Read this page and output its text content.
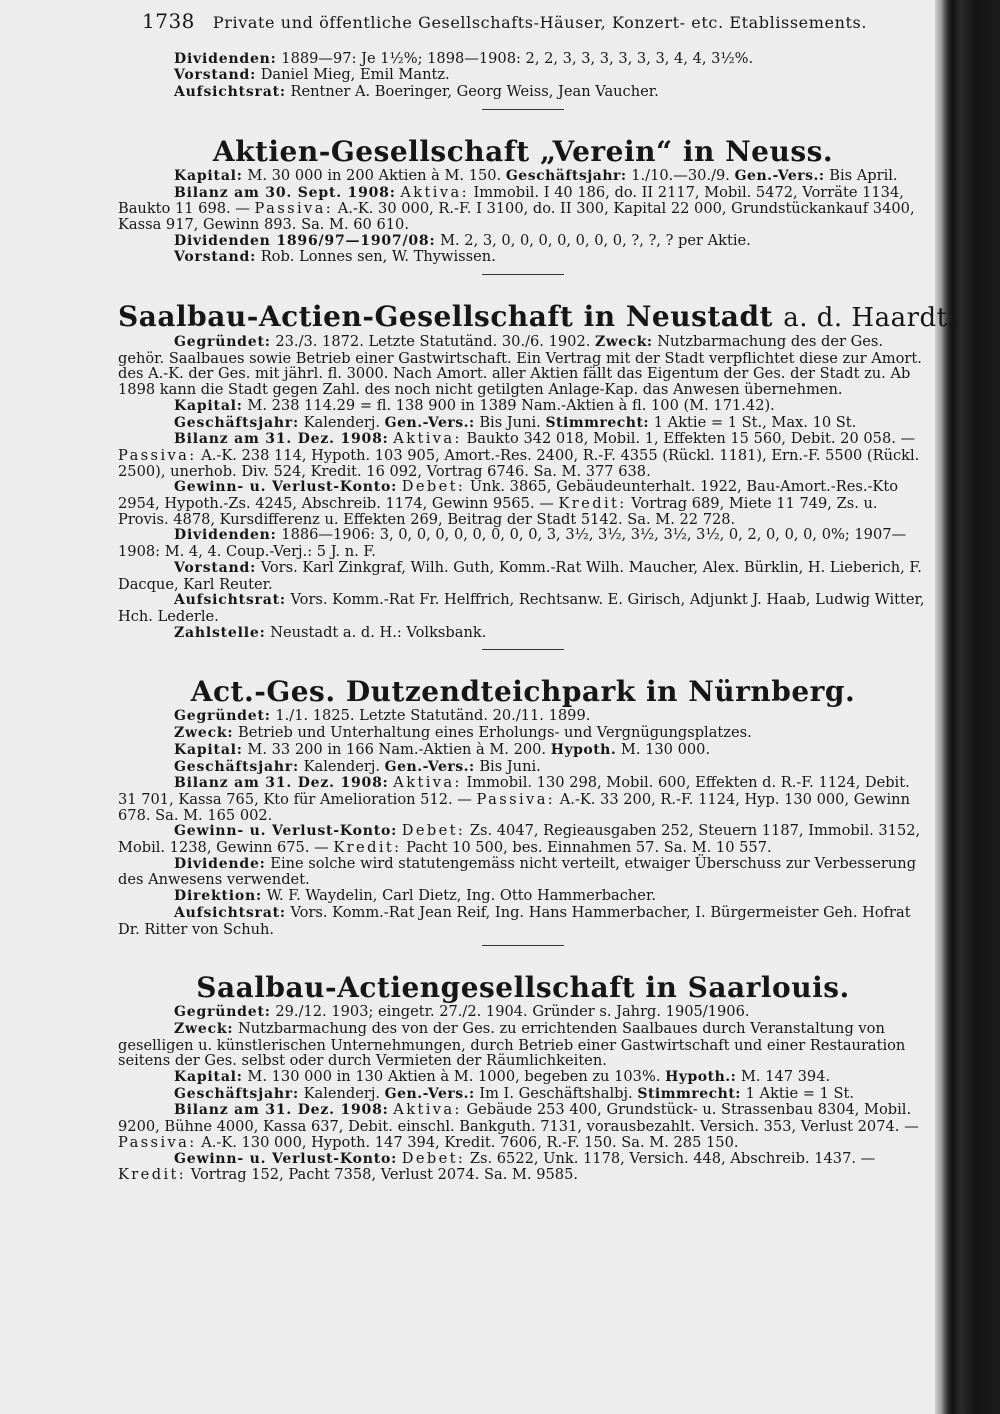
1738 Private und öffentliche Gesellschafts-Häuser, Konzert- etc. Etablissements.

Dividenden: 1889—97: Je 1½%; 1898—1908: 2, 2, 3, 3, 3, 3, 3, 3, 4, 4, 3½%.

Vorstand: Daniel Mieg, Emil Mantz.

Aufsichtsrat: Rentner A. Boeringer, Georg Weiss, Jean Vaucher.

Aktien-Gesellschaft „Verein“ in Neuss.

Kapital: M. 30 000 in 200 Aktien à M. 150. Geschäftsjahr: 1./10.—30./9. Gen.-Vers.: Bis April.

Bilanz am 30. Sept. 1908: Aktiva: Immobil. I 40 186, do. II 2117, Mobil. 5472, Vorräte 1134, Baukto 11 698. — Passiva: A.-K. 30 000, R.-F. I 3100, do. II 300, Kapital 22 000, Grundstückankauf 3400, Kassa 917, Gewinn 893. Sa. M. 60 610.

Dividenden 1896/97—1907/08: M. 2, 3, 0, 0, 0, 0, 0, 0, 0, ?, ?, ? per Aktie.

Vorstand: Rob. Lonnes sen, W. Thywissen.

Saalbau-Actien-Gesellschaft in Neustadt a. d. Haardt.

Gegründet: 23./3. 1872. Letzte Statutänd. 30./6. 1902. Zweck: Nutzbarmachung des der Ges. gehör. Saalbaues sowie Betrieb einer Gastwirtschaft. Ein Vertrag mit der Stadt verpflichtet diese zur Amort. des A.-K. der Ges. mit jährl. fl. 3000. Nach Amort. aller Aktien fällt das Eigentum der Ges. der Stadt zu. Ab 1898 kann die Stadt gegen Zahl. des noch nicht getilgten Anlage-Kap. das Anwesen übernehmen.

Kapital: M. 238 114.29 = fl. 138 900 in 1389 Nam.-Aktien à fl. 100 (M. 171.42).

Geschäftsjahr: Kalenderj. Gen.-Vers.: Bis Juni. Stimmrecht: 1 Aktie = 1 St., Max. 10 St.

Bilanz am 31. Dez. 1908: Aktiva: Baukto 342 018, Mobil. 1, Effekten 15 560, Debit. 20 058. — Passiva: A.-K. 238 114, Hypoth. 103 905, Amort.-Res. 2400, R.-F. 4355 (Rückl. 1181), Ern.-F. 5500 (Rückl. 2500), unerhob. Div. 524, Kredit. 16 092, Vortrag 6746. Sa. M. 377 638.

Gewinn- u. Verlust-Konto: Debet: Unk. 3865, Gebäudeunterhalt. 1922, Bau-Amort.-Res.-Kto 2954, Hypoth.-Zs. 4245, Abschreib. 1174, Gewinn 9565. — Kredit: Vortrag 689, Miete 11 749, Zs. u. Provis. 4878, Kursdifferenz u. Effekten 269, Beitrag der Stadt 5142. Sa. M. 22 728.

Dividenden: 1886—1906: 3, 0, 0, 0, 0, 0, 0, 0, 0, 3, 3½, 3½, 3½, 3½, 3½, 0, 2, 0, 0, 0, 0%; 1907—1908: M. 4, 4. Coup.-Verj.: 5 J. n. F.

Vorstand: Vors. Karl Zinkgraf, Wilh. Guth, Komm.-Rat Wilh. Maucher, Alex. Bürklin, H. Lieberich, F. Dacque, Karl Reuter.

Aufsichtsrat: Vors. Komm.-Rat Fr. Helffrich, Rechtsanw. E. Girisch, Adjunkt J. Haab, Ludwig Witter, Hch. Lederle.

Zahlstelle: Neustadt a. d. H.: Volksbank.

Act.-Ges. Dutzendteichpark in Nürnberg.

Gegründet: 1./1. 1825. Letzte Statutänd. 20./11. 1899.

Zweck: Betrieb und Unterhaltung eines Erholungs- und Vergnügungsplatzes.

Kapital: M. 33 200 in 166 Nam.-Aktien à M. 200. Hypoth. M. 130 000.

Geschäftsjahr: Kalenderj. Gen.-Vers.: Bis Juni.

Bilanz am 31. Dez. 1908: Aktiva: Immobil. 130 298, Mobil. 600, Effekten d. R.-F. 1124, Debit. 31 701, Kassa 765, Kto für Amelioration 512. — Passiva: A.-K. 33 200, R.-F. 1124, Hyp. 130 000, Gewinn 678. Sa. M. 165 002.

Gewinn- u. Verlust-Konto: Debet: Zs. 4047, Regieausgaben 252, Steuern 1187, Immobil. 3152, Mobil. 1238, Gewinn 675. — Kredit: Pacht 10 500, bes. Einnahmen 57. Sa. M. 10 557.

Dividende: Eine solche wird statutengemäss nicht verteilt, etwaiger Überschuss zur Verbesserung des Anwesens verwendet.

Direktion: W. F. Waydelin, Carl Dietz, Ing. Otto Hammerbacher.

Aufsichtsrat: Vors. Komm.-Rat Jean Reif, Ing. Hans Hammerbacher, I. Bürgermeister Geh. Hofrat Dr. Ritter von Schuh.

Saalbau-Actiengesellschaft in Saarlouis.

Gegründet: 29./12. 1903; eingetr. 27./2. 1904. Gründer s. Jahrg. 1905/1906.

Zweck: Nutzbarmachung des von der Ges. zu errichtenden Saalbaues durch Veranstaltung von geselligen u. künstlerischen Unternehmungen, durch Betrieb einer Gastwirtschaft und einer Restauration seitens der Ges. selbst oder durch Vermieten der Räumlichkeiten.

Kapital: M. 130 000 in 130 Aktien à M. 1000, begeben zu 103%. Hypoth.: M. 147 394.

Geschäftsjahr: Kalenderj. Gen.-Vers.: Im I. Geschäftshalbj. Stimmrecht: 1 Aktie = 1 St.

Bilanz am 31. Dez. 1908: Aktiva: Gebäude 253 400, Grundstück- u. Strassenbau 8304, Mobil. 9200, Bühne 4000, Kassa 637, Debit. einschl. Bankguth. 7131, vorausbezahlt. Versich. 353, Verlust 2074. — Passiva: A.-K. 130 000, Hypoth. 147 394, Kredit. 7606, R.-F. 150. Sa. M. 285 150.

Gewinn- u. Verlust-Konto: Debet: Zs. 6522, Unk. 1178, Versich. 448, Abschreib. 1437. — Kredit: Vortrag 152, Pacht 7358, Verlust 2074. Sa. M. 9585.
